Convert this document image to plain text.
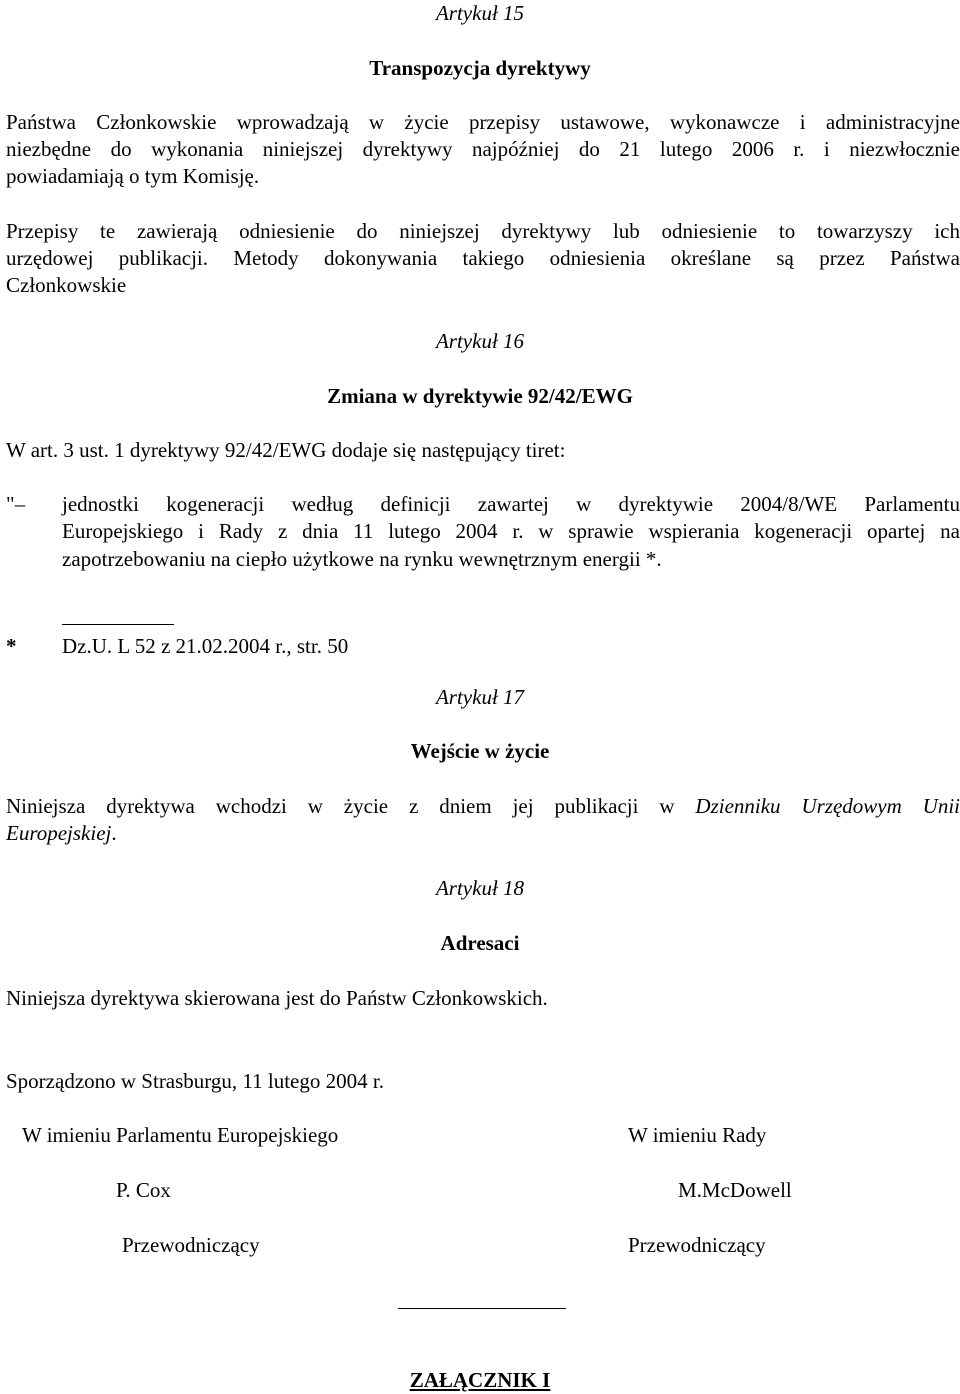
Artykuł 15
Transpozycja dyrektywy
Państwa Członkowskie wprowadzają w życie przepisy ustawowe, wykonawcze i administracyjne
niezbędne do wykonania niniejszej dyrektywy najpóźniej do 21 lutego 2006 r. i niezwłocznie
powiadamiają o tym Komisję.
Przepisy te zawierają odniesienie do niniejszej dyrektywy lub odniesienie to towarzyszy ich
urzędowej publikacji. Metody dokonywania takiego odniesienia określane są przez Państwa
Członkowskie
Artykuł 16
Zmiana w dyrektywie 92/42/EWG
W art. 3 ust. 1 dyrektywy 92/42/EWG dodaje się następujący tiret:
"– jednostki kogeneracji według definicji zawartej w dyrektywie 2004/8/WE Parlamentu
Europejskiego i Rady z dnia 11 lutego 2004 r. w sprawie wspierania kogeneracji opartej na
zapotrzebowaniu na ciepło użytkowe na rynku wewnętrznym energii *.
* Dz.U. L 52 z 21.02.2004 r., str. 50
Artykuł 17
Wejście w życie
Niniejsza dyrektywa wchodzi w życie z dniem jej publikacji w Dzienniku Urzędowym Unii
Europejskiej.
Artykuł 18
Adresaci
Niniejsza dyrektywa skierowana jest do Państw Członkowskich.
Sporządzono w Strasburgu, 11 lutego 2004 r.
W imieniu Parlamentu Europejskiego
P. Cox
Przewodniczący
W imieniu Rady
M.McDowell
Przewodniczący
ZAŁĄCZNIK I
